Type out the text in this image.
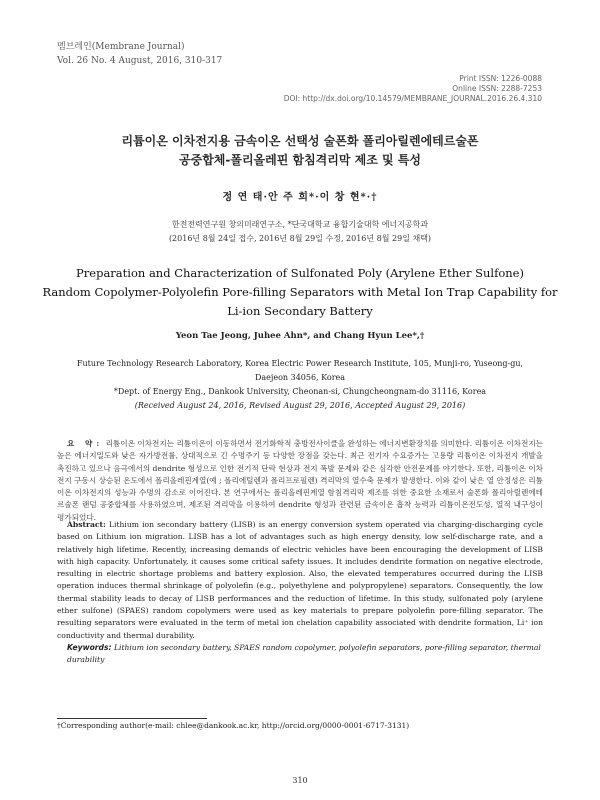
멤브레인(Membrane Journal)
Vol. 26 No. 4 August, 2016, 310-317
Print ISSN: 1226-0088
Online ISSN: 2288-7253
DOI: http://dx.doi.org/10.14579/MEMBRANE_JOURNAL.2016.26.4.310
리튬이온 이차전지용 금속이온 선택성 술폰화 폴리아릴렌에테르술폰
공중합체-폴리올레핀 함침격리막 제조 및 특성
정 연 태·안 주 희*·이 창 현*·†
한전전력연구원 창의미래연구소, *단국대학교 융합기술대학 에너지공학과
(2016년 8월 24일 접수, 2016년 8월 29일 수정, 2016년 8월 29일 채택)
Preparation and Characterization of Sulfonated Poly (Arylene Ether Sulfone)
Random Copolymer-Polyolefin Pore-filling Separators with Metal Ion Trap Capability for
Li-ion Secondary Battery
Yeon Tae Jeong, Juhee Ahn*, and Chang Hyun Lee*,†
Future Technology Research Laboratory, Korea Electric Power Research Institute, 105, Munji-ro, Yuseong-gu,
Daejeon 34056, Korea
*Dept. of Energy Eng., Dankook University, Cheonan-si, Chungcheongnam-do 31116, Korea
(Received August 24, 2016, Revised August 29, 2016, Accepted August 29, 2016)
요 약: 리튬이온 이차전지는 리튬이온이 이동하면서 전기화학적 충방전사이클을 완성하는 에너지변환장치를 의미한다. 리튬이온 이차전지는 높은 에너지밀도와 낮은 자가방전률, 상대적으로 긴 수명주기 등 다양한 장점을 갖는다. 최근 전기자 수요증가는 고용량 리튬이온 이차전지 개발을 촉진하고 있으나 음극에서의 dendrite 형성으로 인한 전기적 단락 현상과 전지 폭발 문제와 같은 심각한 안전문제를 야기한다. 또한, 리튬이온 이차전지 구동시 상승된 온도에서 폴리올레핀계열(예 ; 폴리에틸렌과 폴리프로필렌) 격리막의 열수축 문제가 발생한다. 이와 같이 낮은 열 안정성은 리튬이온 이차전지의 성능과 수명의 감소로 이어진다. 본 연구에서는 폴리올레핀계열 함침격리막 제조를 위한 중요한 소재로서 술폰화 폴리아릴렌에테르술폰 랜덤 공중합체를 사용하였으며, 제조된 격리막을 이용하여 dendrite 형성과 관련된 금속이온 흡착 능력과 리튬이온전도성, 열적 내구성이 평가되었다.
Abstract: Lithium ion secondary battery (LISB) is an energy conversion system operated via charging-discharging cycle based on Lithium ion migration. LISB has a lot of advantages such as high energy density, low self-discharge rate, and a relatively high lifetime. Recently, increasing demands of electric vehicles have been encouraging the development of LISB with high capacity. Unfortunately, it causes some critical safety issues. It includes dendrite formation on negative electrode, resulting in electric shortage problems and battery explosion. Also, the elevated temperatures occurred during the LISB operation induces thermal shrinkage of polyolefin (e.g., polyethylene and polypropylene) separators. Consequently, the low thermal stability leads to decay of LISB performances and the reduction of lifetime. In this study, sulfonated poly (arylene ether sulfone) (SPAES) random copolymers were used as key materials to prepare polyolefin pore-filling separator. The resulting separators were evaluated in the term of metal ion chelation capability associated with dendrite formation, Li⁺ ion conductivity and thermal durability.
Keywords: Lithium ion secondary battery, SPAES random copolymer, polyolefin separators, pore-filling separator, thermal durability
†Corresponding author(e-mail: chlee@dankook.ac.kr, http://orcid.org/0000-0001-6717-3131)
310
